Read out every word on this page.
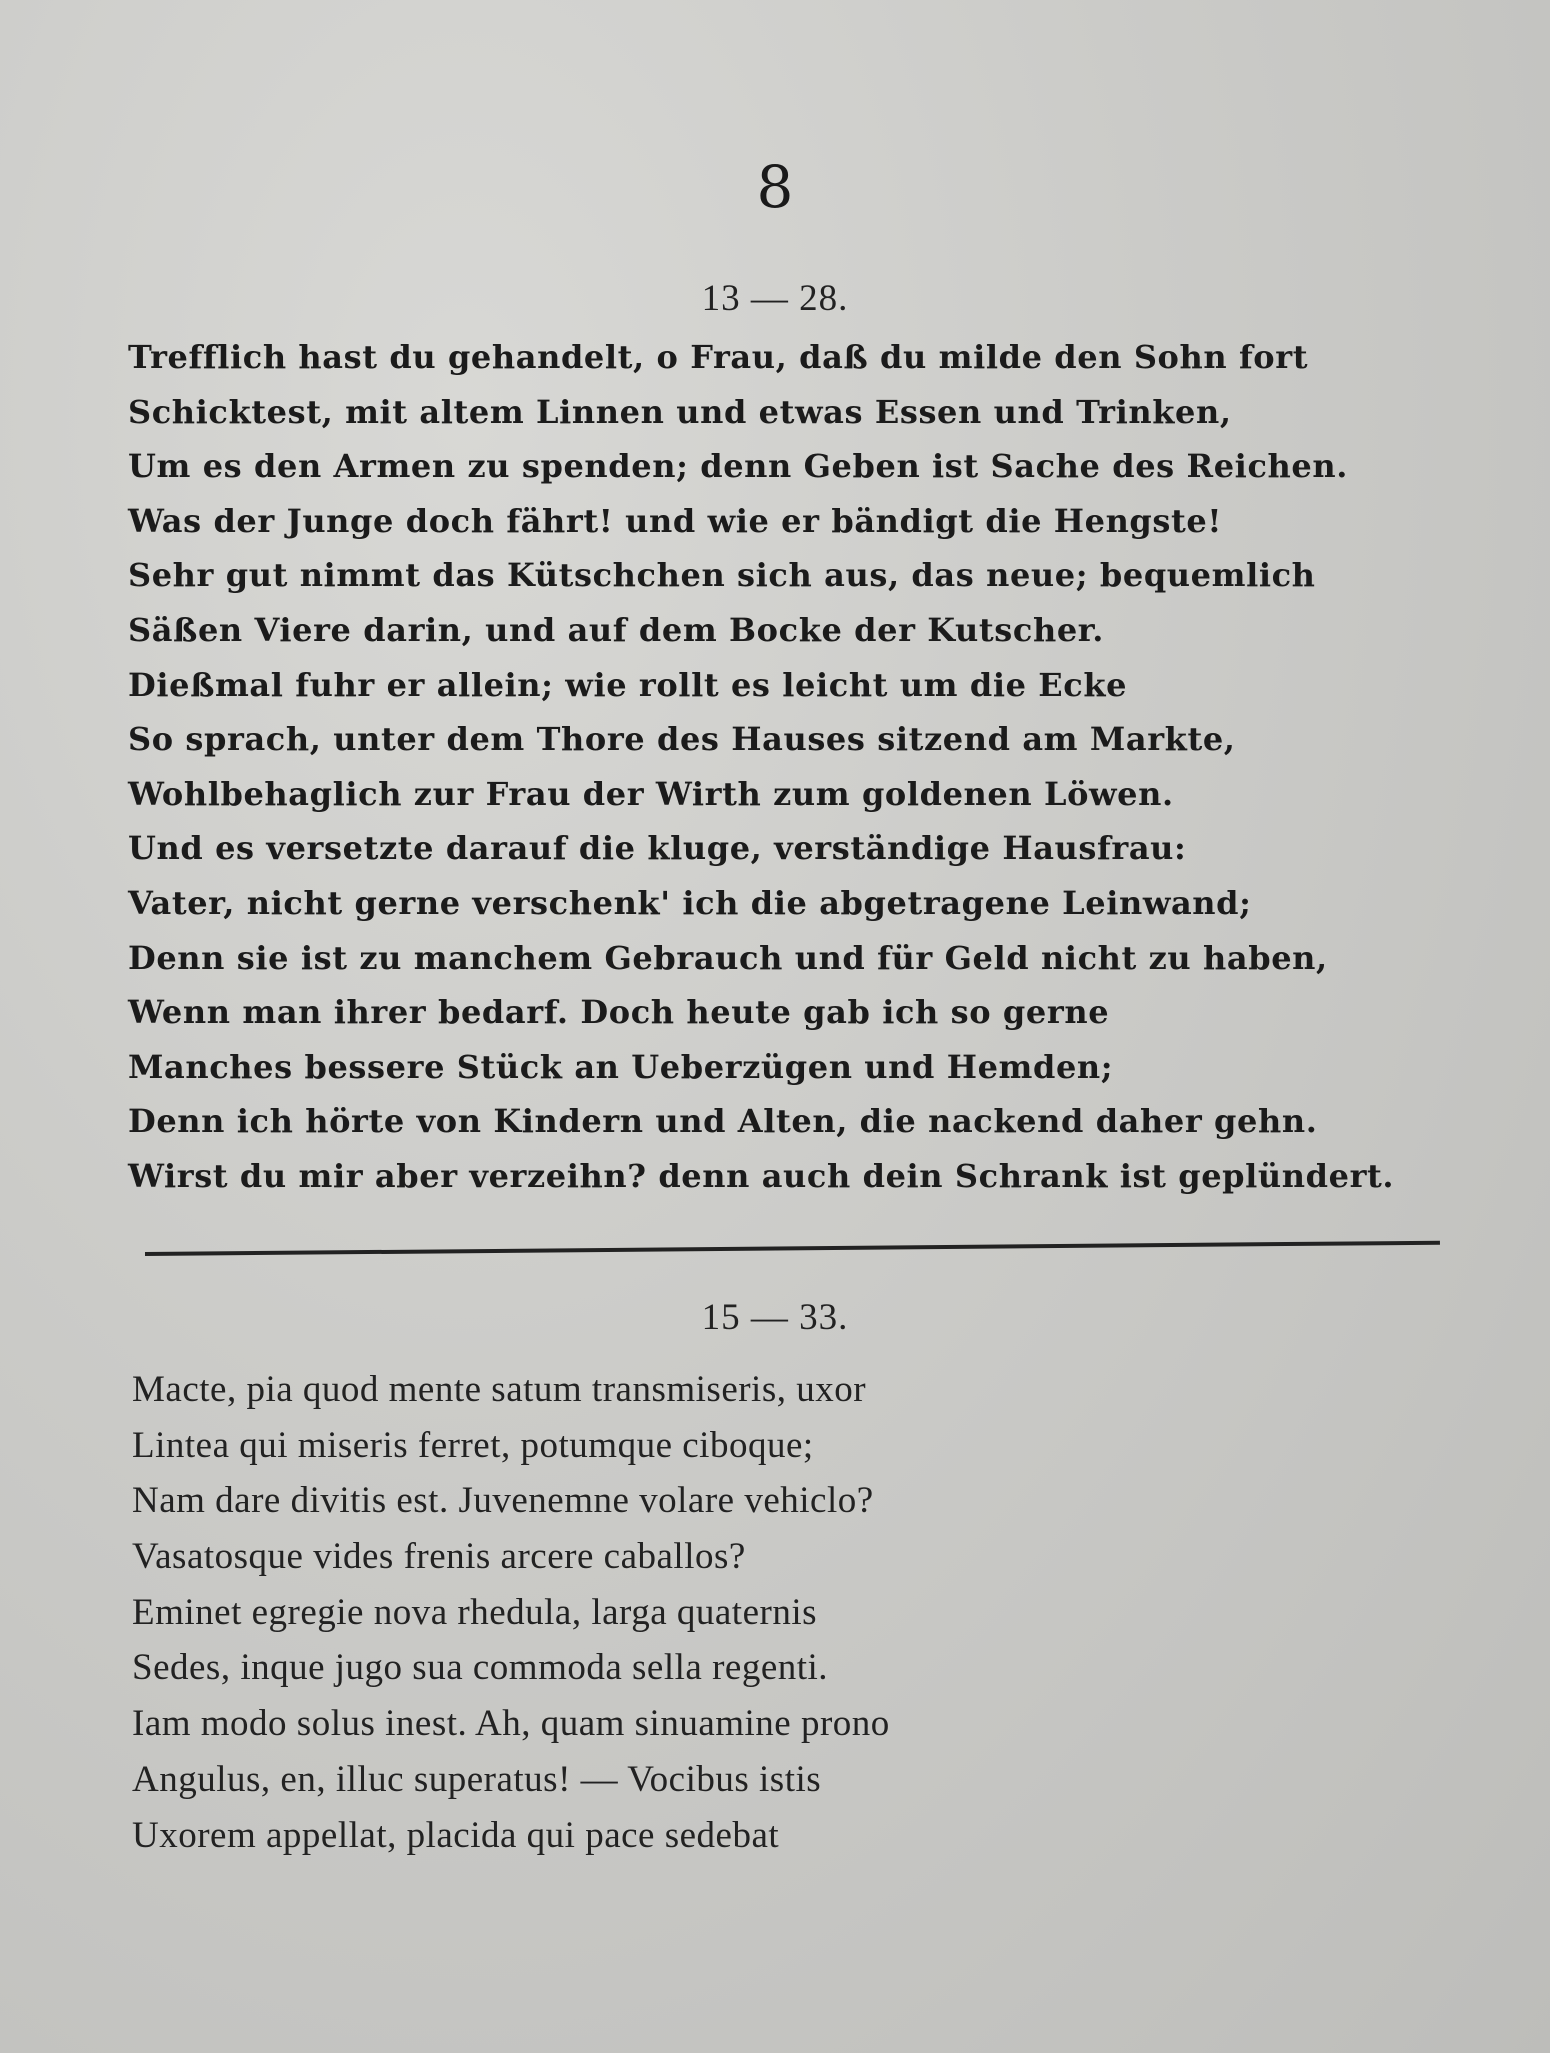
8
13 — 28.
Trefflich hast du gehandelt, o Frau, daß du milde den Sohn fort
Schicktest, mit altem Linnen und etwas Essen und Trinken,
Um es den Armen zu spenden; denn Geben ist Sache des Reichen.
Was der Junge doch fährt! und wie er bändigt die Hengste!
Sehr gut nimmt das Kütschchen sich aus, das neue; bequemlich
Säßen Viere darin, und auf dem Bocke der Kutscher.
Dießmal fuhr er allein; wie rollt es leicht um die Ecke
So sprach, unter dem Thore des Hauses sitzend am Markte,
Wohlbehaglich zur Frau der Wirth zum goldenen Löwen.
Und es versetzte darauf die kluge, verständige Hausfrau:
Vater, nicht gerne verschenk' ich die abgetragene Leinwand;
Denn sie ist zu manchem Gebrauch und für Geld nicht zu haben,
Wenn man ihrer bedarf. Doch heute gab ich so gerne
Manches bessere Stück an Ueberzügen und Hemden;
Denn ich hörte von Kindern und Alten, die nackend daher gehn.
Wirst du mir aber verzeihn? denn auch dein Schrank ist geplündert.
15 — 33.
Macte, pia quod mente satum transmiseris, uxor
Lintea qui miseris ferret, potumque ciboque;
Nam dare divitis est. Juvenemne volare vehiclo?
Vasatosque vides frenis arcere caballos?
Eminet egregie nova rhedula, larga quaternis
Sedes, inque jugo sua commoda sella regenti.
Iam modo solus inest. Ah, quam sinuamine prono
Angulus, en, illuc superatus! — Vocibus istis
Uxorem appellat, placida qui pace sedebat
